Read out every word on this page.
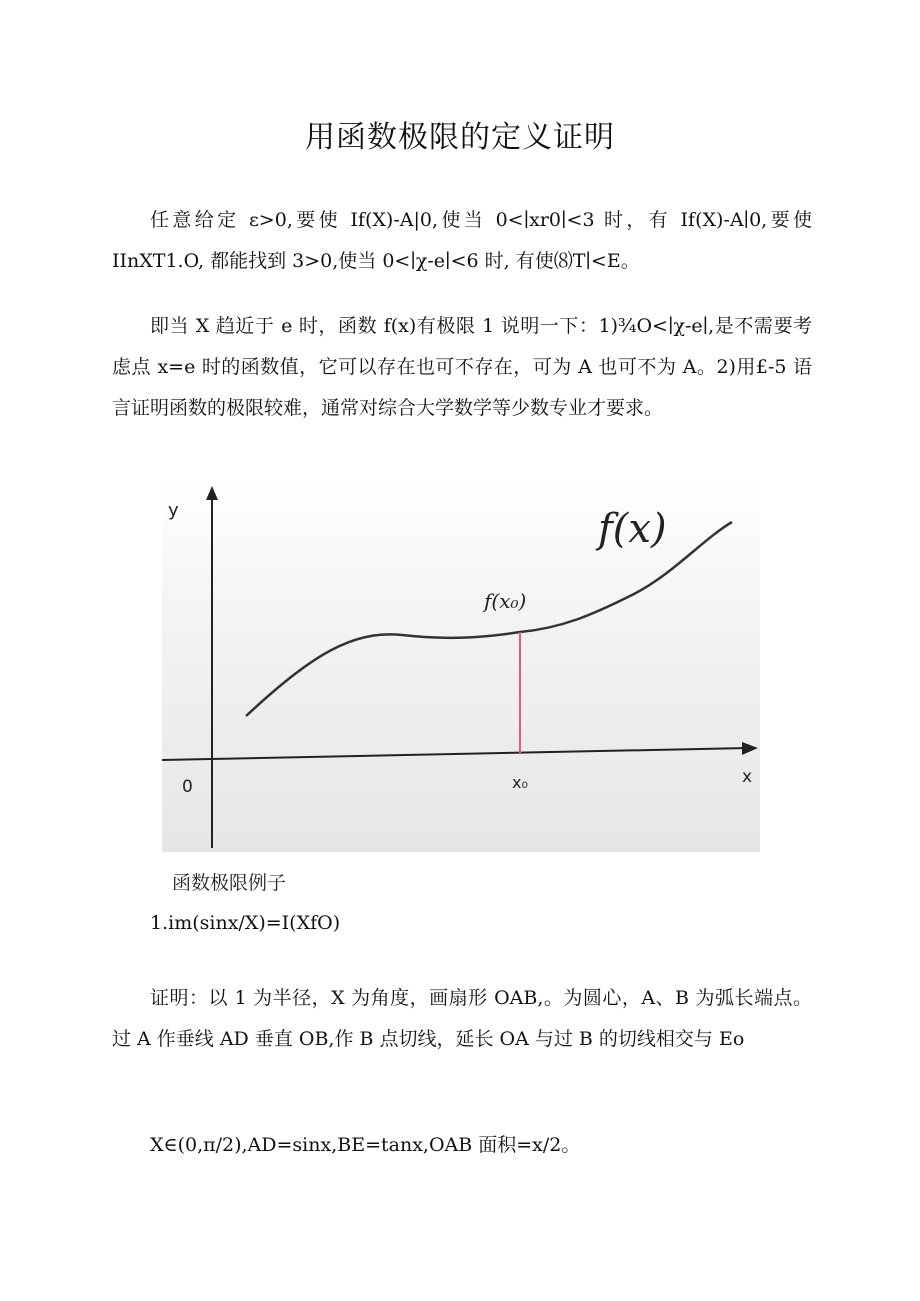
用函数极限的定义证明

任意给定 ε>0,要使 If(X)-A|0,使当 0<∣xr0∣<3 时，有 If(X)-A∣0,要使 IInXT1.O, 都能找到 3>0,使当 0<∣χ-e∣<6 时, 有使⑻T∣<E。

即当 X 趋近于 e 时，函数 f(x)有极限 1 说明一下：1)¾O<∣χ-e∣,是不需要考虑点 x=e 时的函数值，它可以存在也可不存在，可为 A 也可不为 A。2)用£-5 语言证明函数的极限较难，通常对综合大学数学等少数专业才要求。

y
0	x₀	x
f(x)
f(x₀)
函数极限例子
1.im(sinx/X)=I(XfO)

证明：以 1 为半径，X 为角度，画扇形 OAB,。为圆心，A、B 为弧长端点。过 A 作垂线 AD 垂直 OB,作 B 点切线，延长 OA 与过 B 的切线相交与 Eo

X∈(0,π/2),AD=sinx,BE=tanx,OAB 面积=x/2。
